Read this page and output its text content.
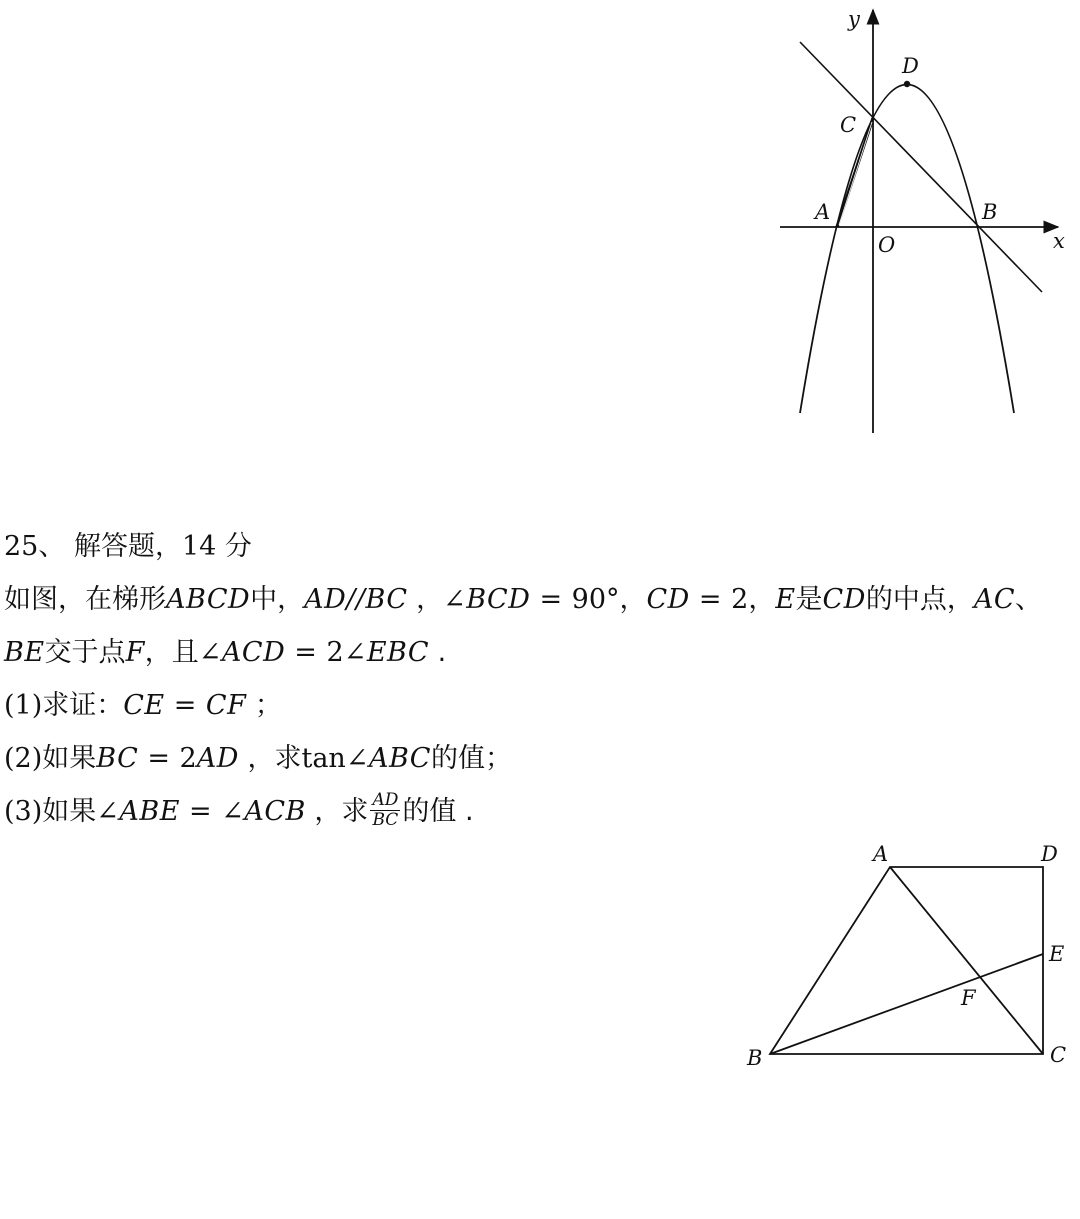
y
x
D
C
A	B
O
25、 解答题，14 分
如图，在梯形ABCD中，AD//BC ，∠BCD = 90°，CD = 2，E是CD的中点，AC、
BE交于点F，且∠ACD = 2∠EBC .
(1)求证：CE = CF ；
(2)如果BC = 2AD ，求tan∠ABC的值；
(3)如果∠ABE = ∠ACB ，求 $\frac{AD}{BC}$ 的值 .
A	D
E
F
B	C
